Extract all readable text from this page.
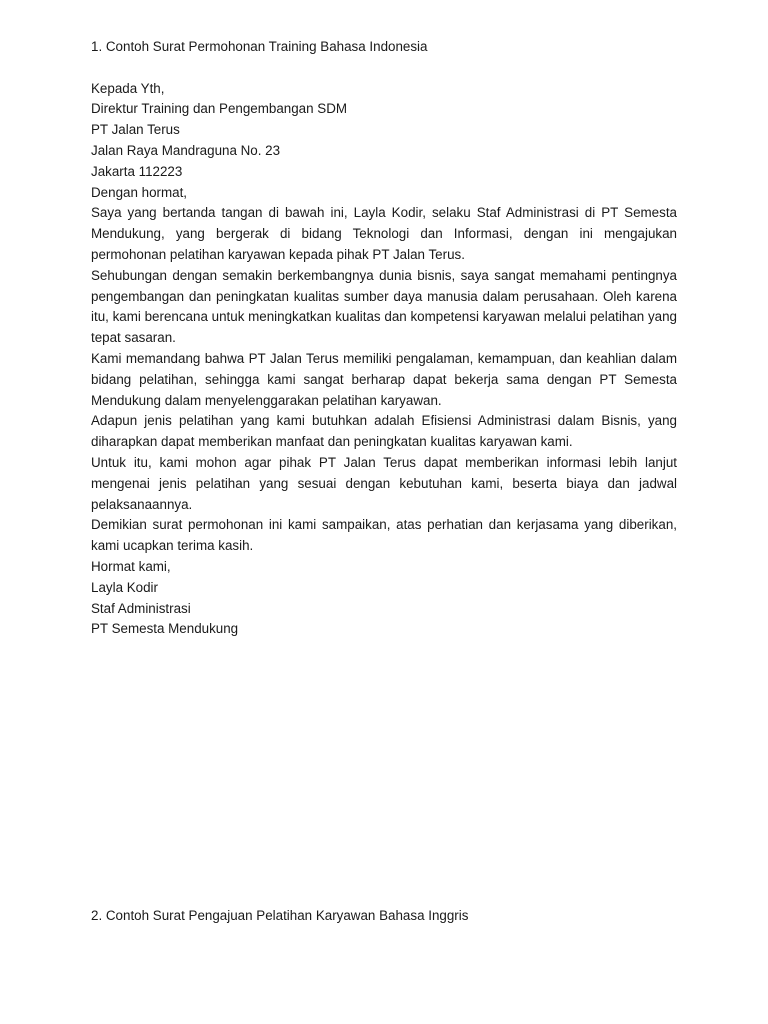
1. Contoh Surat Permohonan Training Bahasa Indonesia
Kepada Yth,
Direktur Training dan Pengembangan SDM
PT Jalan Terus
Jalan Raya Mandraguna No. 23
Jakarta 112223
Dengan hormat,
Saya yang bertanda tangan di bawah ini, Layla Kodir, selaku Staf Administrasi di PT Semesta Mendukung, yang bergerak di bidang Teknologi dan Informasi, dengan ini mengajukan permohonan pelatihan karyawan kepada pihak PT Jalan Terus.
Sehubungan dengan semakin berkembangnya dunia bisnis, saya sangat memahami pentingnya pengembangan dan peningkatan kualitas sumber daya manusia dalam perusahaan. Oleh karena itu, kami berencana untuk meningkatkan kualitas dan kompetensi karyawan melalui pelatihan yang tepat sasaran.
Kami memandang bahwa PT Jalan Terus memiliki pengalaman, kemampuan, dan keahlian dalam bidang pelatihan, sehingga kami sangat berharap dapat bekerja sama dengan PT Semesta Mendukung dalam menyelenggarakan pelatihan karyawan.
Adapun jenis pelatihan yang kami butuhkan adalah Efisiensi Administrasi dalam Bisnis, yang diharapkan dapat memberikan manfaat dan peningkatan kualitas karyawan kami.
Untuk itu, kami mohon agar pihak PT Jalan Terus dapat memberikan informasi lebih lanjut mengenai jenis pelatihan yang sesuai dengan kebutuhan kami, beserta biaya dan jadwal pelaksanaannya.
Demikian surat permohonan ini kami sampaikan, atas perhatian dan kerjasama yang diberikan, kami ucapkan terima kasih.
Hormat kami,
Layla Kodir
Staf Administrasi
PT Semesta Mendukung
2. Contoh Surat Pengajuan Pelatihan Karyawan Bahasa Inggris
